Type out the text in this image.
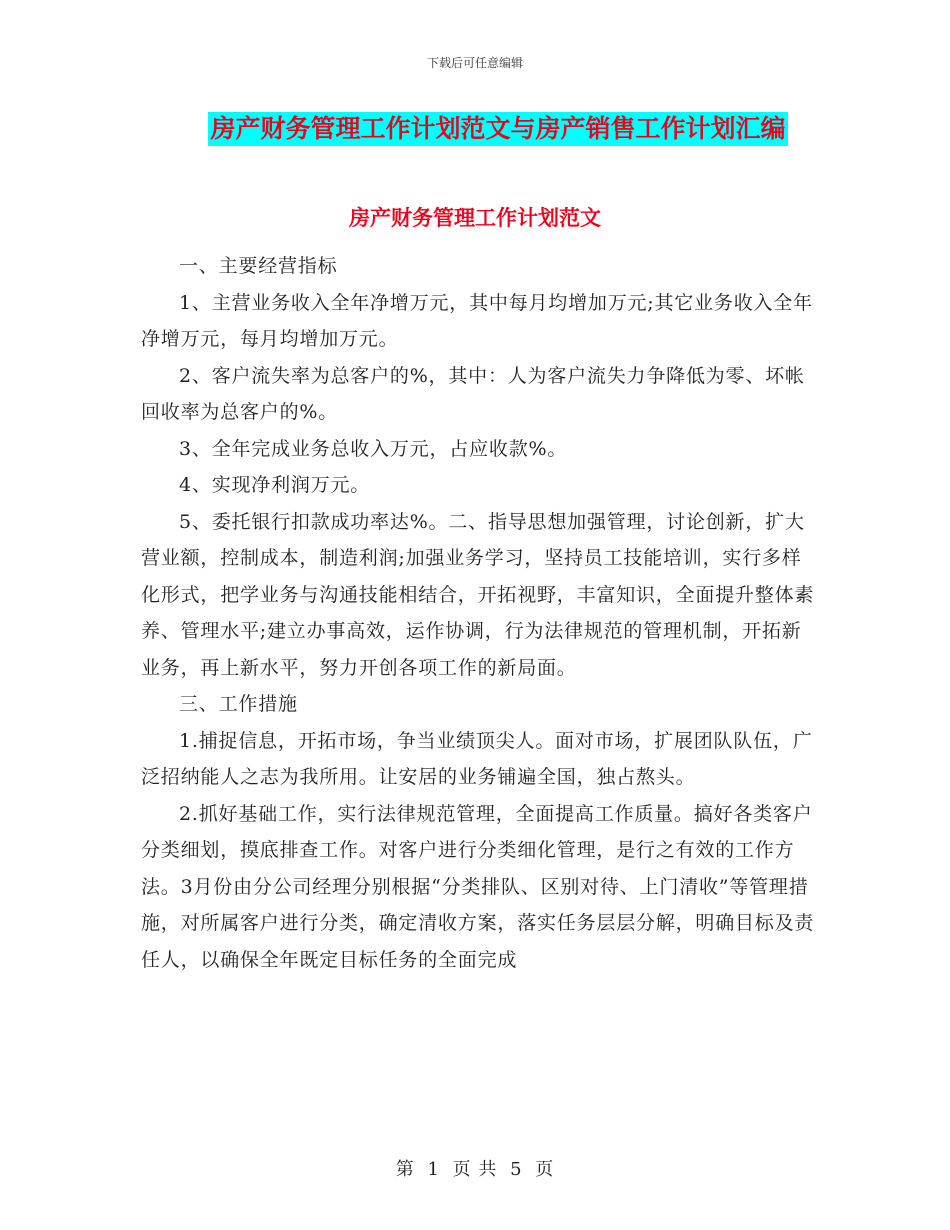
下载后可任意编辑
房产财务管理工作计划范文与房产销售工作计划汇编
房产财务管理工作计划范文

一、主要经营指标

1、主营业务收入全年净增万元，其中每月均增加万元;其它业务收入全年净增万元，每月均增加万元。

2、客户流失率为总客户的%，其中：人为客户流失力争降低为零、坏帐回收率为总客户的%。

3、全年完成业务总收入万元，占应收款%。

4、实现净利润万元。

5、委托银行扣款成功率达%。二、指导思想加强管理，讨论创新，扩大营业额，控制成本，制造利润;加强业务学习，坚持员工技能培训，实行多样化形式，把学业务与沟通技能相结合，开拓视野，丰富知识，全面提升整体素养、管理水平;建立办事高效，运作协调，行为法律规范的管理机制，开拓新业务，再上新水平，努力开创各项工作的新局面。

三、工作措施

1.捕捉信息，开拓市场，争当业绩顶尖人。面对市场，扩展团队队伍，广泛招纳能人之志为我所用。让安居的业务铺遍全国，独占熬头。

2.抓好基础工作，实行法律规范管理，全面提高工作质量。搞好各类客户分类细划，摸底排查工作。对客户进行分类细化管理，是行之有效的工作方法。3月份由分公司经理分别根据“分类排队、区别对待、上门清收”等管理措施，对所属客户进行分类，确定清收方案，落实任务层层分解，明确目标及责任人，以确保全年既定目标任务的全面完成

第 1 页 共 5 页
